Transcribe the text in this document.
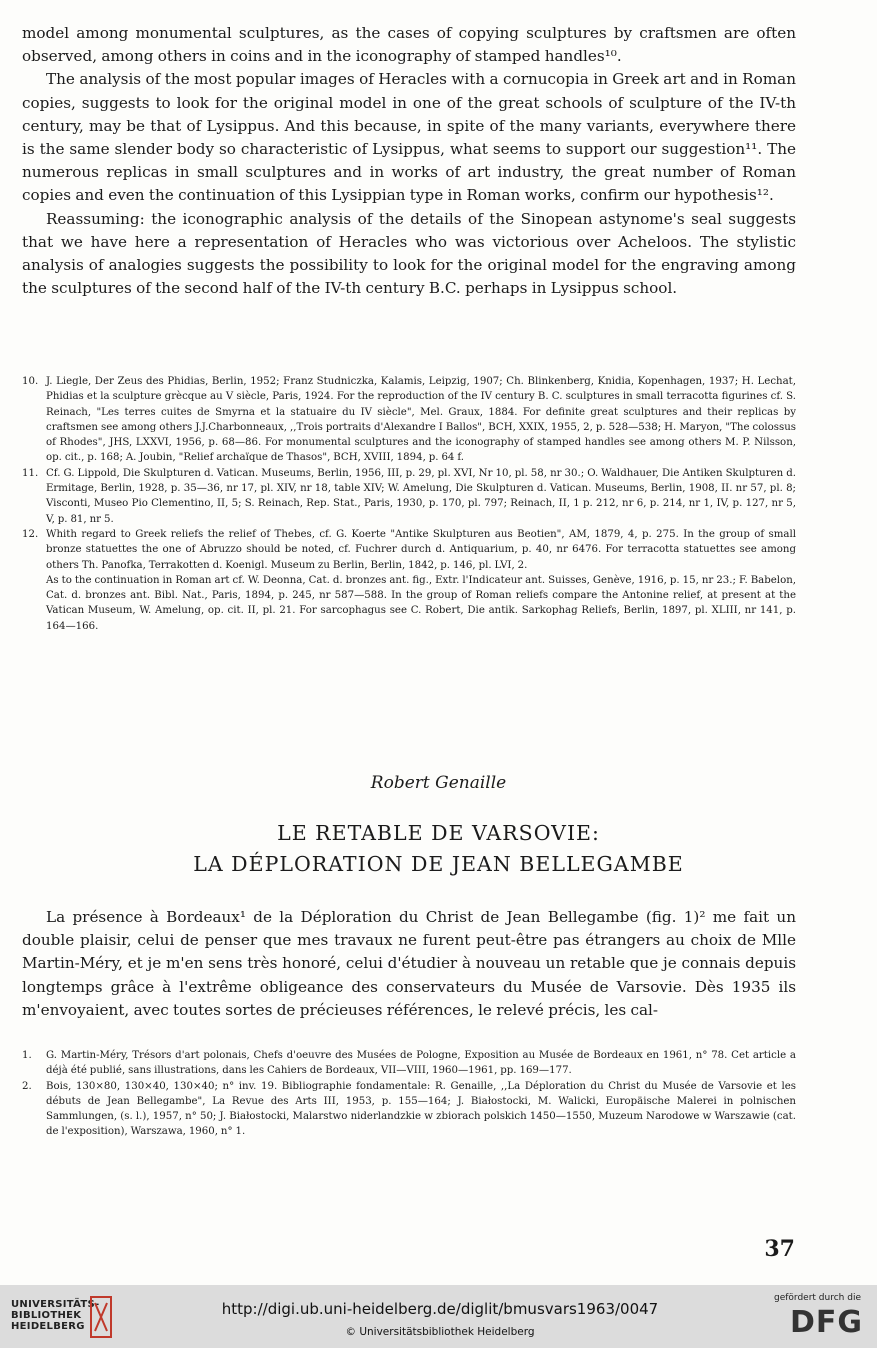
model among monumental sculptures, as the cases of copying sculptures by craftsmen are often observed, among others in coins and in the iconography of stamped handles¹⁰.

The analysis of the most popular images of Heracles with a cornucopia in Greek art and in Roman copies, suggests to look for the original model in one of the great schools of sculpture of the IV-th century, may be that of Lysippus. And this because, in spite of the many variants, everywhere there is the same slender body so characteristic of Lysippus, what seems to support our suggestion¹¹. The numerous replicas in small sculptures and in works of art industry, the great number of Roman copies and even the continuation of this Lysippian type in Roman works, confirm our hypothesis¹².

Reassuming: the iconographic analysis of the details of the Sinopean astynome's seal suggests that we have here a representation of Heracles who was victorious over Acheloos. The stylistic analysis of analogies suggests the possibility to look for the original model for the engraving among the sculptures of the second half of the IV-th century B.C. perhaps in Lysippus school.

10. J. Liegle, Der Zeus des Phidias, Berlin, 1952; Franz Studniczka, Kalamis, Leipzig, 1907; Ch. Blinkenberg, Knidia, Kopenhagen, 1937; H. Lechat, Phidias et la sculpture grècque au V siècle, Paris, 1924. For the reproduction of the IV century B. C. sculptures in small terracotta figurines cf. S. Reinach, "Les terres cuites de Smyrna et la statuaire du IV siècle", Mel. Graux, 1884. For definite great sculptures and their replicas by craftsmen see among others J.J.Charbonneaux, ,,Trois portraits d'Alexandre I Ballos", BCH, XXIX, 1955, 2, p. 528—538; H. Maryon, "The colossus of Rhodes", JHS, LXXVI, 1956, p. 68—86. For monumental sculptures and the iconography of stamped handles see among others M. P. Nilsson, op. cit., p. 168; A. Joubin, "Relief archaïque de Thasos", BCH, XVIII, 1894, p. 64 f.

11. Cf. G. Lippold, Die Skulpturen d. Vatican. Museums, Berlin, 1956, III, p. 29, pl. XVI, Nr 10, pl. 58, nr 30.; O. Waldhauer, Die Antiken Skulpturen d. Ermitage, Berlin, 1928, p. 35—36, nr 17, pl. XIV, nr 18, table XIV; W. Amelung, Die Skulpturen d. Vatican. Museums, Berlin, 1908, II. nr 57, pl. 8; Visconti, Museo Pio Clementino, II, 5; S. Reinach, Rep. Stat., Paris, 1930, p. 170, pl. 797; Reinach, II, 1 p. 212, nr 6, p. 214, nr 1, IV, p. 127, nr 5, V, p. 81, nr 5.

12. Whith regard to Greek reliefs the relief of Thebes, cf. G. Koerte "Antike Skulpturen aus Beotien", AM, 1879, 4, p. 275. In the group of small bronze statuettes the one of Abruzzo should be noted, cf. Fuchrer durch d. Antiquarium, p. 40, nr 6476. For terracotta statuettes see among others Th. Panofka, Terrakotten d. Koenigl. Museum zu Berlin, Berlin, 1842, p. 146, pl. LVI, 2.

As to the continuation in Roman art cf. W. Deonna, Cat. d. bronzes ant. fig., Extr. l'Indicateur ant. Suisses, Genève, 1916, p. 15, nr 23.; F. Babelon, Cat. d. bronzes ant. Bibl. Nat., Paris, 1894, p. 245, nr 587—588. In the group of Roman reliefs compare the Antonine relief, at present at the Vatican Museum, W. Amelung, op. cit. II, pl. 21. For sarcophagus see C. Robert, Die antik. Sarkophag Reliefs, Berlin, 1897, pl. XLIII, nr 141, p. 164—166.

Robert Genaille
LE RETABLE DE VARSOVIE:
LA DÉPLORATION DE JEAN BELLEGAMBE

La présence à Bordeaux¹ de la Déploration du Christ de Jean Bellegambe (fig. 1)² me fait un double plaisir, celui de penser que mes travaux ne furent peut-être pas étrangers au choix de Mlle Martin-Méry, et je m'en sens très honoré, celui d'étudier à nouveau un retable que je connais depuis longtemps grâce à l'extrême obligeance des conservateurs du Musée de Varsovie. Dès 1935 ils m'envoyaient, avec toutes sortes de précieuses références, le relevé précis, les cal-

1. G. Martin-Méry, Trésors d'art polonais, Chefs d'oeuvre des Musées de Pologne, Exposition au Musée de Bordeaux en 1961, n° 78. Cet article a déjà été publié, sans illustrations, dans les Cahiers de Bordeaux, VII—VIII, 1960—1961, pp. 169—177.

2. Bois, 130×80, 130×40, 130×40; n° inv. 19. Bibliographie fondamentale: R. Genaille, ,,La Déploration du Christ du Musée de Varsovie et les débuts de Jean Bellegambe", La Revue des Arts III, 1953, p. 155—164; J. Białostocki, M. Walicki, Europäische Malerei in polnischen Sammlungen, (s. l.), 1957, n° 50; J. Białostocki, Malarstwo niderlandzkie w zbiorach polskich 1450—1550, Muzeum Narodowe w Warszawie (cat. de l'exposition), Warszawa, 1960, n° 1.

37
UNIVERSITÄTS-
BIBLIOTHEK
HEIDELBERG
http://digi.ub.uni-heidelberg.de/diglit/bmusvars1963/0047
© Universitätsbibliothek Heidelberg
gefördert durch die
DFG
